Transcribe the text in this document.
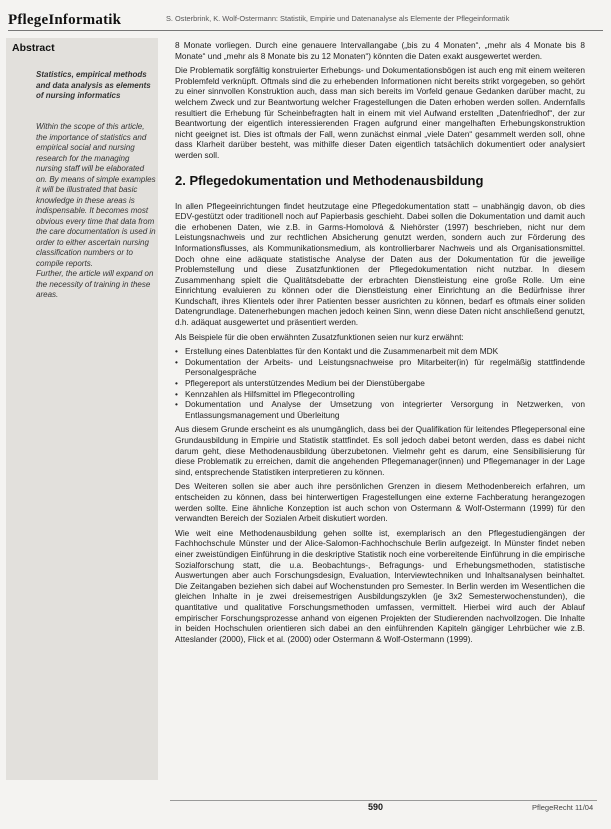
PflegeInformatik	S. Osterbrink, K. Wolf-Ostermann: Statistik, Empirie und Datenanalyse als Elemente der Pflegeinformatik
Abstract
Statistics, empirical methods and data analysis as elements of nursing informatics

Within the scope of this article, the importance of statistics and empirical social and nursing research for the managing nursing staff will be elaborated on. By means of simple examples it will be illustrated that basic knowledge in these areas is indispensable. It becomes most obvious every time that data from the care documentation is used in order to either ascertain nursing classification numbers or to compile reports.

Further, the article will expand on the necessity of training in these areas.

8 Monate vorliegen. Durch eine genauere Intervallangabe („bis zu 4 Monaten“, „mehr als 4 Monate bis 8 Monate“ und „mehr als 8 Monate bis zu 12 Monaten“) könnten die Daten exakt ausgewertet werden.

Die Problematik sorgfältig konstruierter Erhebungs- und Dokumentationsbögen ist auch eng mit einem weiteren Problemfeld verknüpft. Oftmals sind die zu erhebenden Informationen nicht bereits strikt vorgegeben, so gehört zu einer sinnvollen Konstruktion auch, dass man sich bereits im Vorfeld genaue Gedanken darüber macht, zu welchem Zweck und zur Beantwortung welcher Fragestellungen die Daten erhoben werden sollen. Andernfalls resultiert die Erhebung für Scheinbefragten halt in einem mit viel Aufwand erstellten „Datenfriedhof“, der zur Beantwortung der eigentlich interessierenden Fragen aufgrund einer mangelhaften Erhebungskonstruktion nicht geeignet ist. Dies ist oftmals der Fall, wenn zunächst einmal „viele Daten“ gesammelt werden soll, ohne dass Klarheit darüber besteht, was mithilfe dieser Daten eigentlich tatsächlich dokumentiert oder analysiert werden soll.

2. Pflegedokumentation und Methodenausbildung

In allen Pflegeeinrichtungen findet heutzutage eine Pflegedokumentation statt – unabhängig davon, ob dies EDV-gestützt oder traditionell noch auf Papierbasis geschieht. Dabei sollen die Dokumentation und damit auch die erhobenen Daten, wie z.B. in Garms-Homolová & Niehörster (1997) beschrieben, nicht nur dem Leistungsnachweis und zur rechtlichen Absicherung genutzt werden, sondern auch zur Förderung des Informationsflusses, als Kommunikationsmedium, als kontrollierbarer Nachweis und als Organisationsmittel. Doch ohne eine adäquate statistische Analyse der Daten aus der Dokumentation für die jeweilige Problemstellung und diese Zusatzfunktionen der Pflegedokumentation nicht nutzbar. In diesem Zusammenhang spielt die Qualitätsdebatte der erbrachten Dienstleistung eine große Rolle. Um eine Einrichtung evaluieren zu können oder die Dienstleistung einer Einrichtung an die Bedürfnisse ihrer Kundschaft, ihres Klientels oder ihrer Patienten besser ausrichten zu können, bedarf es oftmals einer soliden Datengrundlage. Datenerhebungen machen jedoch keinen Sinn, wenn diese Daten nicht anschließend genutzt, d.h. adäquat ausgewertet und präsentiert werden.

Als Beispiele für die oben erwähnten Zusatzfunktionen seien nur kurz erwähnt:

• Erstellung eines Datenblattes für den Kontakt und die Zusammenarbeit mit dem MDK
• Dokumentation der Arbeits- und Leistungsnachweise pro Mitarbeiter(in) für regelmäßig stattfindende Personalgespräche
• Pflegereport als unterstützendes Medium bei der Dienstübergabe
• Kennzahlen als Hilfsmittel im Pflegecontrolling
• Dokumentation und Analyse der Umsetzung von integrierter Versorgung in Netzwerken, von Entlassungsmanagement und Überleitung

Aus diesem Grunde erscheint es als unumgänglich, dass bei der Qualifikation für leitendes Pflegepersonal eine Grundausbildung in Empirie und Statistik stattfindet. Es soll jedoch dabei betont werden, dass es dabei nicht darum geht, diese Methodenausbildung überzubetonen. Vielmehr geht es darum, eine Sensibilisierung für diese Problematik zu erreichen, damit die angehenden Pflegemanager(innen) und Pflegemanager in der Lage sind, entsprechende Statistiken interpretieren zu können.

Des Weiteren sollen sie aber auch ihre persönlichen Grenzen in diesem Methodenbereich erfahren, um entscheiden zu können, dass bei hinterwertigen Fragestellungen eine externe Fachberatung herangezogen werden sollte. Eine ähnliche Konzeption ist auch schon von Ostermann & Wolf-Ostermann (1999) für den verwandten Bereich der Sozialen Arbeit diskutiert worden.

Wie weit eine Methodenausbildung gehen sollte ist, exemplarisch an den Pflegestudiengängen der Fachhochschule Münster und der Alice-Salomon-Fachhochschule Berlin aufgezeigt. In Münster findet neben einer zweistündigen Einführung in die deskriptive Statistik noch eine vorbereitende Einführung in die empirische Sozialforschung statt, die u.a. Beobachtungs-, Befragungs- und Erhebungsmethoden, statistische Auswertungen aber auch Forschungsdesign, Evaluation, Interviewtechniken und Inhaltsanalysen beinhaltet. Die Zeitangaben beziehen sich dabei auf Wochenstunden pro Semester. In Berlin werden im Wesentlichen die gleichen Inhalte in je zwei dreisemestrigen Ausbildungszyklen (je 3x2 Semesterwochenstunden), die quantitative und qualitative Forschungsmethoden umfassen, vermittelt. Hierbei wird auch der Ablauf empirischer Forschungsprozesse anhand von eigenen Projekten der Studierenden nachvollzogen. Die Inhalte in beiden Hochschulen orientieren sich dabei an den einführenden Kapiteln gängiger Lehrbücher wie z.B. Atteslander (2000), Flick et al. (2000) oder Ostermann & Wolf-Ostermann (1999).

590	PflegeRecht 11/04
